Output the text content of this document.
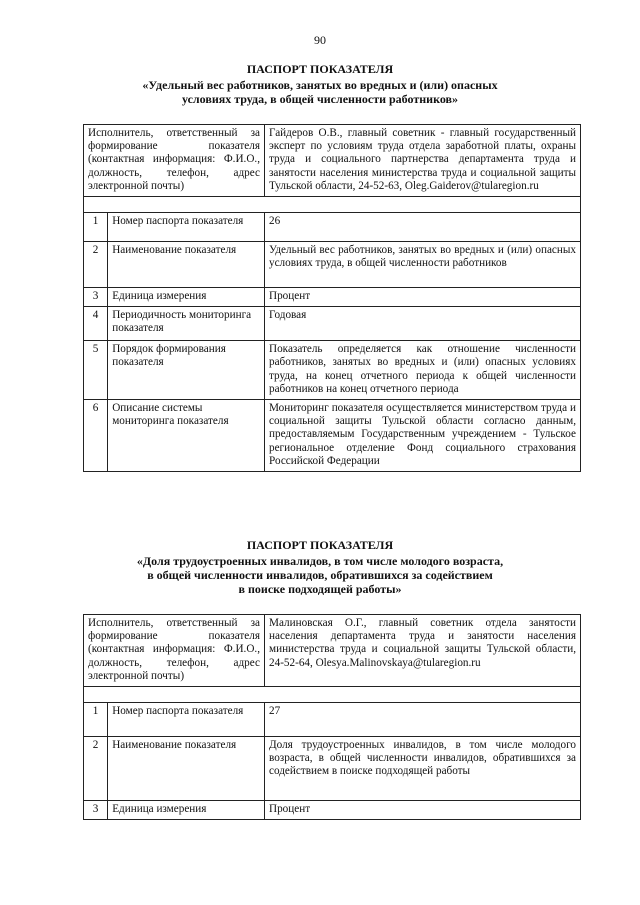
90
ПАСПОРТ ПОКАЗАТЕЛЯ
«Удельный вес работников, занятых во вредных и (или) опасных
условиях труда, в общей численности работников»
Исполнитель, ответственный за формирование показателя (контактная информация: Ф.И.О., должность, телефон, адрес электронной почты)		Гайдеров О.В., главный советник - главный государственный эксперт по условиям труда отдела заработной платы, охраны труда и социального партнерства департамента труда и занятости населения министерства труда и социальной защиты Тульской области, 24-52-63, Oleg.Gaiderov@tularegion.ru

1	Номер паспорта показателя	26
2	Наименование показателя	Удельный вес работников, занятых во вредных и (или) опасных условиях труда, в общей численности работников
3	Единица измерения	Процент
4	Периодичность мониторинга показателя	Годовая
5	Порядок формирования показателя	Показатель определяется как отношение численности работников, занятых во вредных и (или) опасных условиях труда, на конец отчетного периода к общей численности работников на конец отчетного периода
6	Описание системы мониторинга показателя	Мониторинг показателя осуществляется министерством труда и социальной защиты Тульской области согласно данным, предоставляемым Государственным учреждением - Тульское региональное отделение Фонд социального страхования Российской Федерации
ПАСПОРТ ПОКАЗАТЕЛЯ
«Доля трудоустроенных инвалидов, в том числе молодого возраста,
в общей численности инвалидов, обратившихся за содействием
в поиске подходящей работы»
Исполнитель, ответственный за формирование показателя (контактная информация: Ф.И.О., должность, телефон, адрес электронной почты)		Малиновская О.Г., главный советник отдела занятости населения департамента труда и занятости населения министерства труда и социальной защиты Тульской области, 24-52-64, Olesya.Malinovskaya@tularegion.ru

1	Номер паспорта показателя	27
2	Наименование показателя	Доля трудоустроенных инвалидов, в том числе молодого возраста, в общей численности инвалидов, обратившихся за содействием в поиске подходящей работы
3	Единица измерения	Процент
